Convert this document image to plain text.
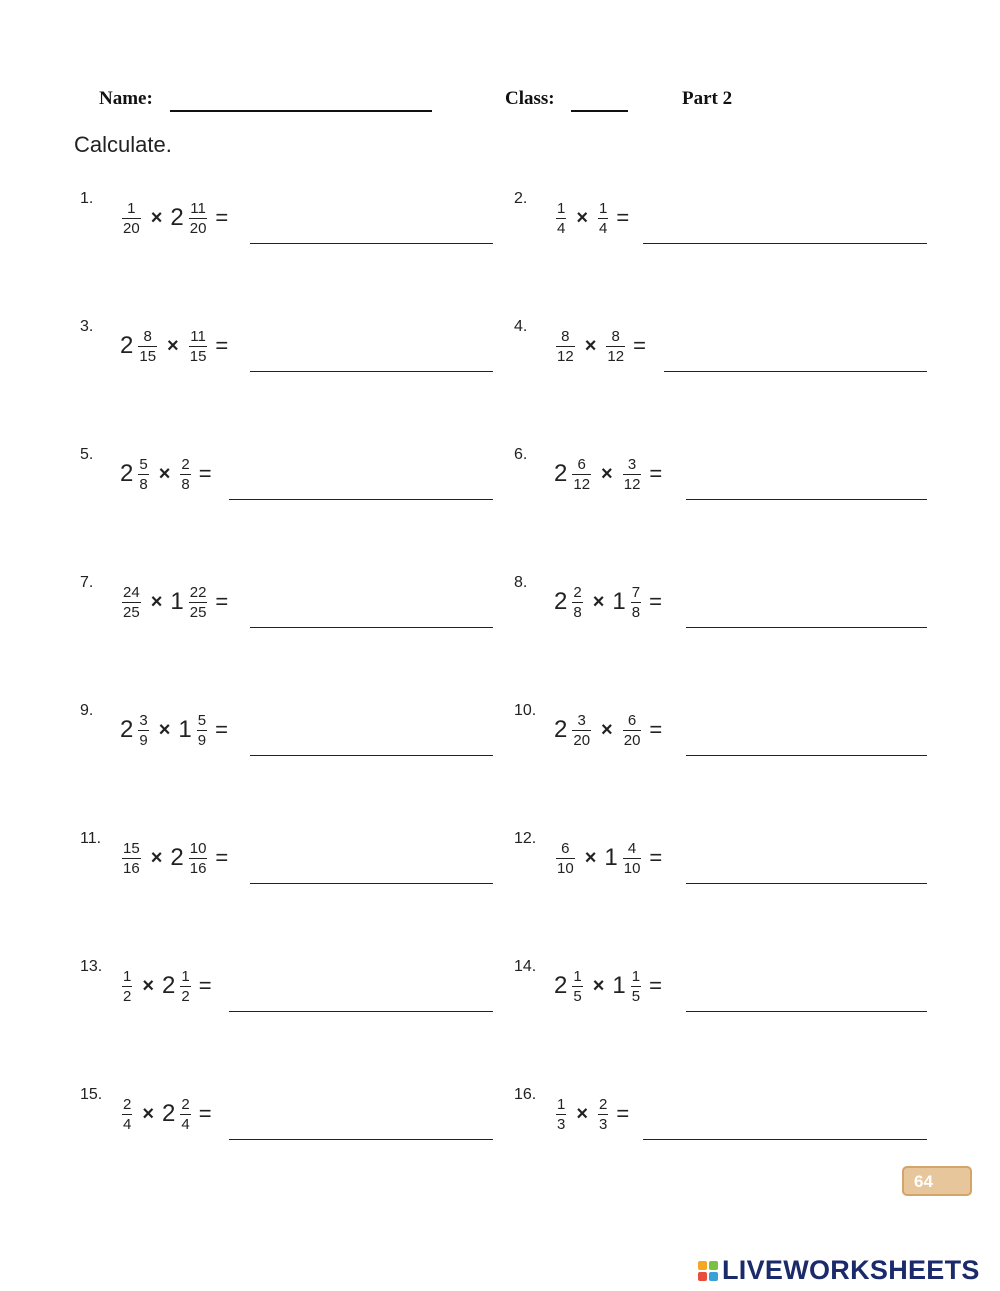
Name:	Class:	Part 2
Calculate.
1.
$\frac{1}{20} \times 2 \frac{11}{20}$ =
2.
$\frac{1}{4} \times \frac{1}{4}$ =
3.
$2 \frac{8}{15} \times \frac{11}{15}$ =
4.
$\frac{8}{12} \times \frac{8}{12}$ =
5.
$2 \frac{5}{8} \times \frac{2}{8}$ =
6.
$2 \frac{6}{12} \times \frac{3}{12}$ =
7.
$\frac{24}{25} \times 1 \frac{22}{25}$ =
8.
$2 \frac{2}{8} \times 1 \frac{7}{8}$ =
9.
$2 \frac{3}{9} \times 1 \frac{5}{9}$ =
10.
$2 \frac{3}{20} \times \frac{6}{20}$ =
11.
$\frac{15}{16} \times 2 \frac{10}{16}$ =
12.
$\frac{6}{10} \times 1 \frac{4}{10}$ =
13.
$\frac{1}{2} \times 2 \frac{1}{2}$ =
14.
$2 \frac{1}{5} \times 1 \frac{1}{5}$ =
15.
$\frac{2}{4} \times 2 \frac{2}{4}$ =
16.
$\frac{1}{3} \times \frac{2}{3}$ =
64
LIVEWORKSHEETS
